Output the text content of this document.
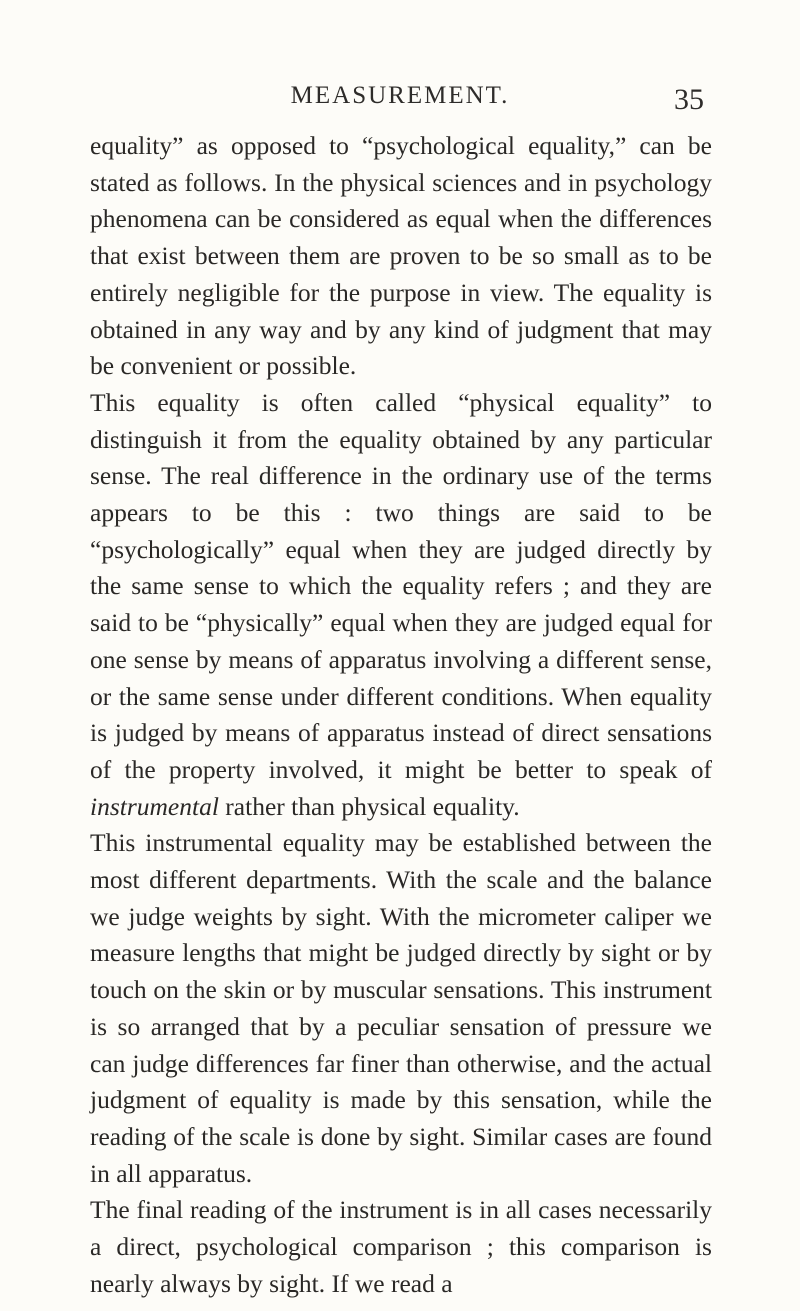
MEASUREMENT.	35

equality” as opposed to “psychological equality,” can be stated as follows. In the physical sciences and in psychology phenomena can be considered as equal when the differences that exist between them are proven to be so small as to be entirely negligible for the purpose in view. The equality is obtained in any way and by any kind of judgment that may be convenient or possible.

This equality is often called “physical equality” to distinguish it from the equality obtained by any particular sense. The real difference in the ordinary use of the terms appears to be this : two things are said to be “psychologically” equal when they are judged directly by the same sense to which the equality refers ; and they are said to be “physically” equal when they are judged equal for one sense by means of apparatus involving a different sense, or the same sense under different conditions. When equality is judged by means of apparatus instead of direct sensations of the property involved, it might be better to speak of instrumental rather than physical equality.

This instrumental equality may be established between the most different departments. With the scale and the balance we judge weights by sight. With the micrometer caliper we measure lengths that might be judged directly by sight or by touch on the skin or by muscular sensations. This instrument is so arranged that by a peculiar sensation of pressure we can judge differences far finer than otherwise, and the actual judgment of equality is made by this sensation, while the reading of the scale is done by sight. Similar cases are found in all apparatus.

The final reading of the instrument is in all cases necessarily a direct, psychological comparison ; this comparison is nearly always by sight. If we read a
